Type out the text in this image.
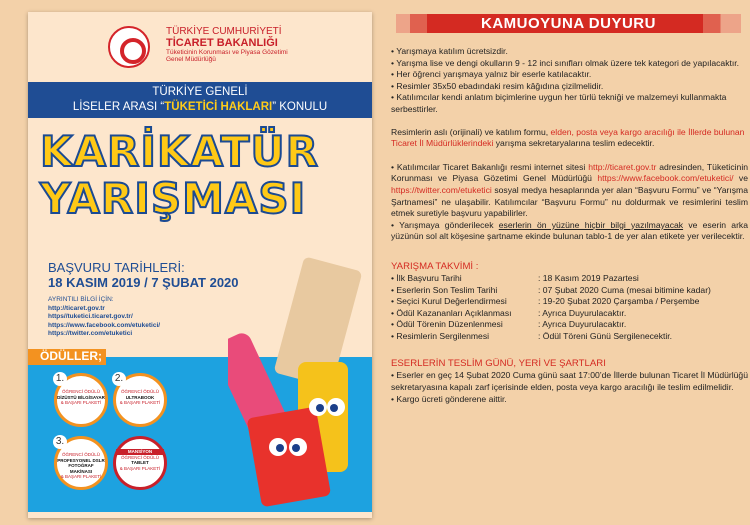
TÜRKİYE CUMHURİYETİ
TİCARET BAKANLIĞI
Tüketicinin Korunması ve Piyasa Gözetimi
Genel Müdürlüğü
TÜRKİYE GENELİ
LİSELER ARASI “TÜKETİCİ HAKLARI” KONULU
KARİKATÜR
YARIŞMASI
BAŞVURU TARİHLERİ:
18 KASIM 2019 / 7 ŞUBAT 2020
AYRINTILI BİLGİ İÇİN:
http://ticaret.gov.tr
https//tuketici.ticaret.gov.tr/
https://www.facebook.com/etuketici/
https://twitter.com/etuketici
ÖDÜLLER;
1.
ÖĞRENCİ ÖDÜLÜ
DİZÜSTÜ BİLGİSAYAR
& BAŞARI PLAKETİ
2.
ÖĞRENCİ ÖDÜLÜ
ULTRABOOK
& BAŞARI PLAKETİ
3.
ÖĞRENCİ ÖDÜLÜ
PROFESYONEL DSLR FOTOĞRAF MAKİNASI
& BAŞARI PLAKETİ
MANSİYON
ÖĞRENCİ ÖDÜLÜ
TABLET
& BAŞARI PLAKETİ
KAMUOYUNA DUYURU

• Yarışmaya katılım ücretsizdir.
• Yarışma lise ve dengi okulların 9 - 12 inci sınıfları olmak üzere tek kategori de yapılacaktır.
• Her öğrenci yarışmaya yalnız bir eserle katılacaktır.
• Resimler 35x50 ebadındaki resim kâğıdına çizilmelidir.
• Katılımcılar kendi anlatım biçimlerine uygun her türlü tekniği ve malzemeyi kullanmakta serbesttirler.

Resimlerin aslı (orijinali) ve katılım formu, elden, posta veya kargo aracılığı ile İllerde bulunan Ticaret İl Müdürlüklerindeki yarışma sekretaryalarına teslim edecektir.

• Katılımcılar Ticaret Bakanlığı resmi internet sitesi http://ticaret.gov.tr adresinden, Tüketicinin Korunması ve Piyasa Gözetimi Genel Müdürlüğü https://www.facebook.com/etuketici/ ve https://twitter.com/etuketici sosyal medya hesaplarında yer alan “Başvuru Formu” ve “Yarışma Şartnamesi” ne ulaşabilir. Katılımcılar “Başvuru Formu” nu doldurmak ve resimlerini teslim etmek suretiyle başvuru yapabilirler.

• Yarışmaya gönderilecek eserlerin ön yüzüne hiçbir bilgi yazılmayacak ve eserin arka yüzünün sol alt köşesine şartname ekinde bulunan tablo-1 de yer alan etikete yer verilecektir.

YARIŞMA TAKVİMİ :
• İlk Başvuru Tarihi	: 18 Kasım 2019 Pazartesi
• Eserlerin Son Teslim Tarihi	: 07 Şubat 2020 Cuma (mesai bitimine kadar)
• Seçici Kurul Değerlendirmesi	: 19-20 Şubat 2020 Çarşamba / Perşembe
• Ödül Kazananları Açıklanması	: Ayrıca Duyurulacaktır.
• Ödül Törenin Düzenlenmesi	: Ayrıca Duyurulacaktır.
• Resimlerin Sergilenmesi	: Ödül Töreni Günü Sergilenecektir.
ESERLERİN TESLİM GÜNÜ, YERİ VE ŞARTLARI

• Eserler en geç 14 Şubat 2020 Cuma günü saat 17:00’de İllerde bulunan Ticaret İl Müdürlüğü sekretaryasına kapalı zarf içerisinde elden, posta veya kargo aracılığı ile teslim edilmelidir.

• Kargo ücreti gönderene aittir.
